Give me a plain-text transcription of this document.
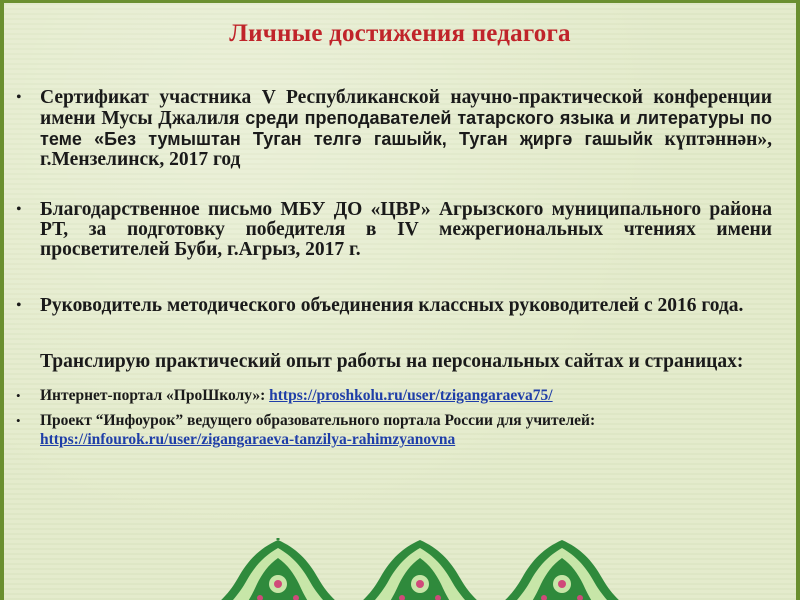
Личные достижения педагога
• Сертификат участника V Республиканской научно-практической конференции имени Мусы Джалиля среди преподавателей татарского языка и литературы по теме «Без тумыштан Туган телгә гашыйк, Туган җиргә гашыйк күптәннән», г.Мензелинск, 2017 год
• Благодарственное письмо МБУ ДО «ЦВР» Агрызского муниципального района РТ, за подготовку победителя в IV межрегиональных чтениях имени просветителей Буби, г.Агрыз, 2017 г.
• Руководитель методического объединения классных руководителей с 2016 года.
Транслирую практический опыт работы на персональных сайтах и страницах:
•	Интернет-портал «ПроШколу»: https://proshkolu.ru/user/tzigangaraeva75/
•	Проект “Инфоурок” ведущего образовательного портала России для учителей: https://infourok.ru/user/zigangaraeva-tanzilya-rahimzyanovna
